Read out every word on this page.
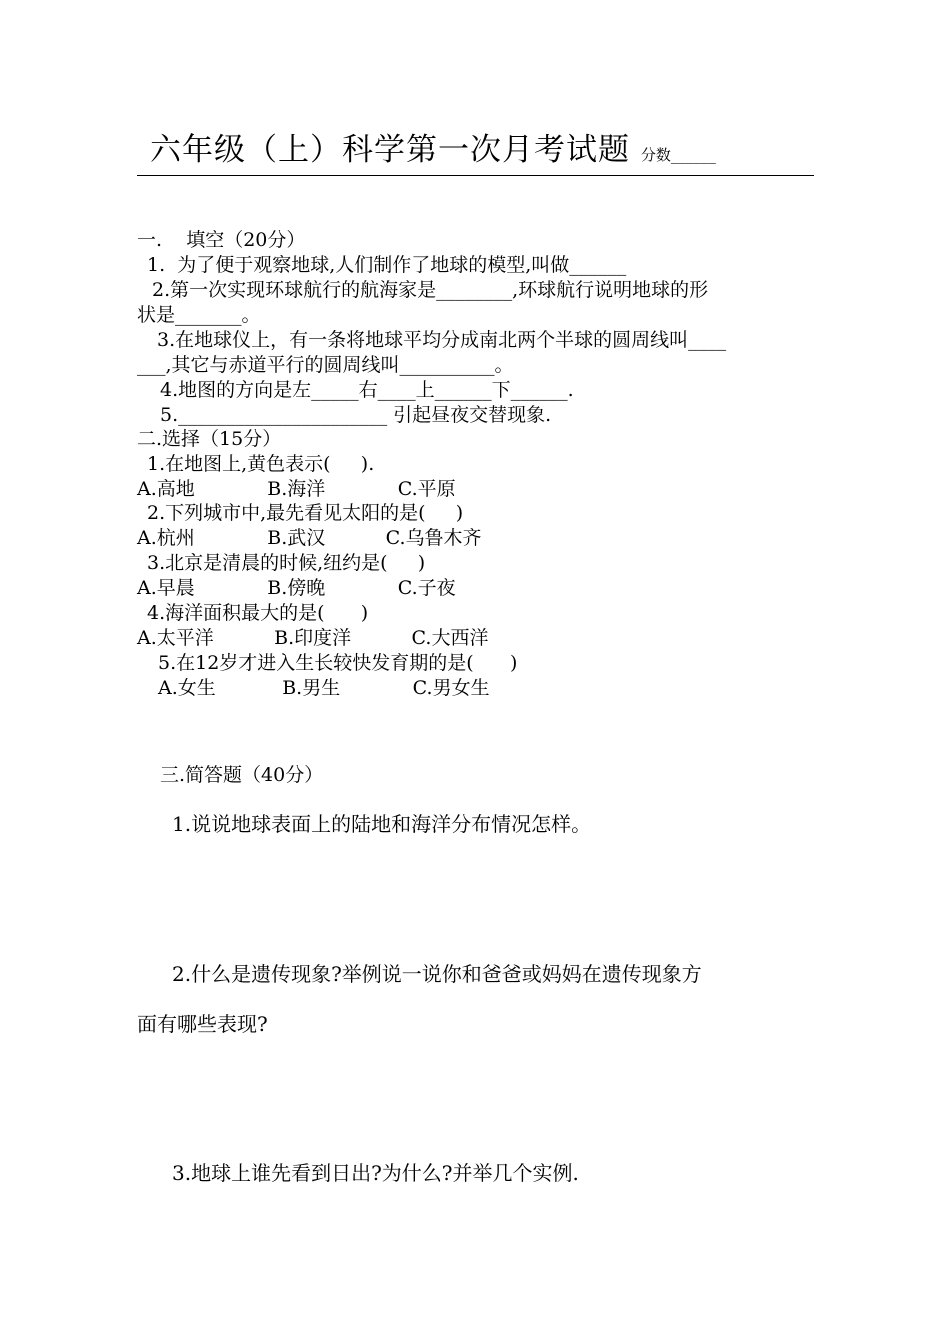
六年级（上）科学第一次月考试题 分数______
一.    填空（20分）
1.  为了便于观察地球,人们制作了地球的模型,叫做______
2.第一次实现环球航行的航海家是________,环球航行说明地球的形
状是_______。
3.在地球仪上，有一条将地球平均分成南北两个半球的圆周线叫____
___,其它与赤道平行的圆周线叫__________。
4.地图的方向是左_____右____上______下______.
5.______________________ 引起昼夜交替现象.
二.选择（15分）
1.在地图上,黄色表示(     ).
A.高地            B.海洋            C.平原
2.下列城市中,最先看见太阳的是(     )
A.杭州            B.武汉          C.乌鲁木齐
3.北京是清晨的时候,纽约是(     )
A.早晨            B.傍晚            C.子夜
4.海洋面积最大的是(      )
A.太平洋          B.印度洋          C.大西洋
5.在12岁才进入生长较快发育期的是(      )
A.女生           B.男生            C.男女生
三.简答题（40分）
1.说说地球表面上的陆地和海洋分布情况怎样。
2.什么是遗传现象?举例说一说你和爸爸或妈妈在遗传现象方
面有哪些表现?
3.地球上谁先看到日出?为什么?并举几个实例.
